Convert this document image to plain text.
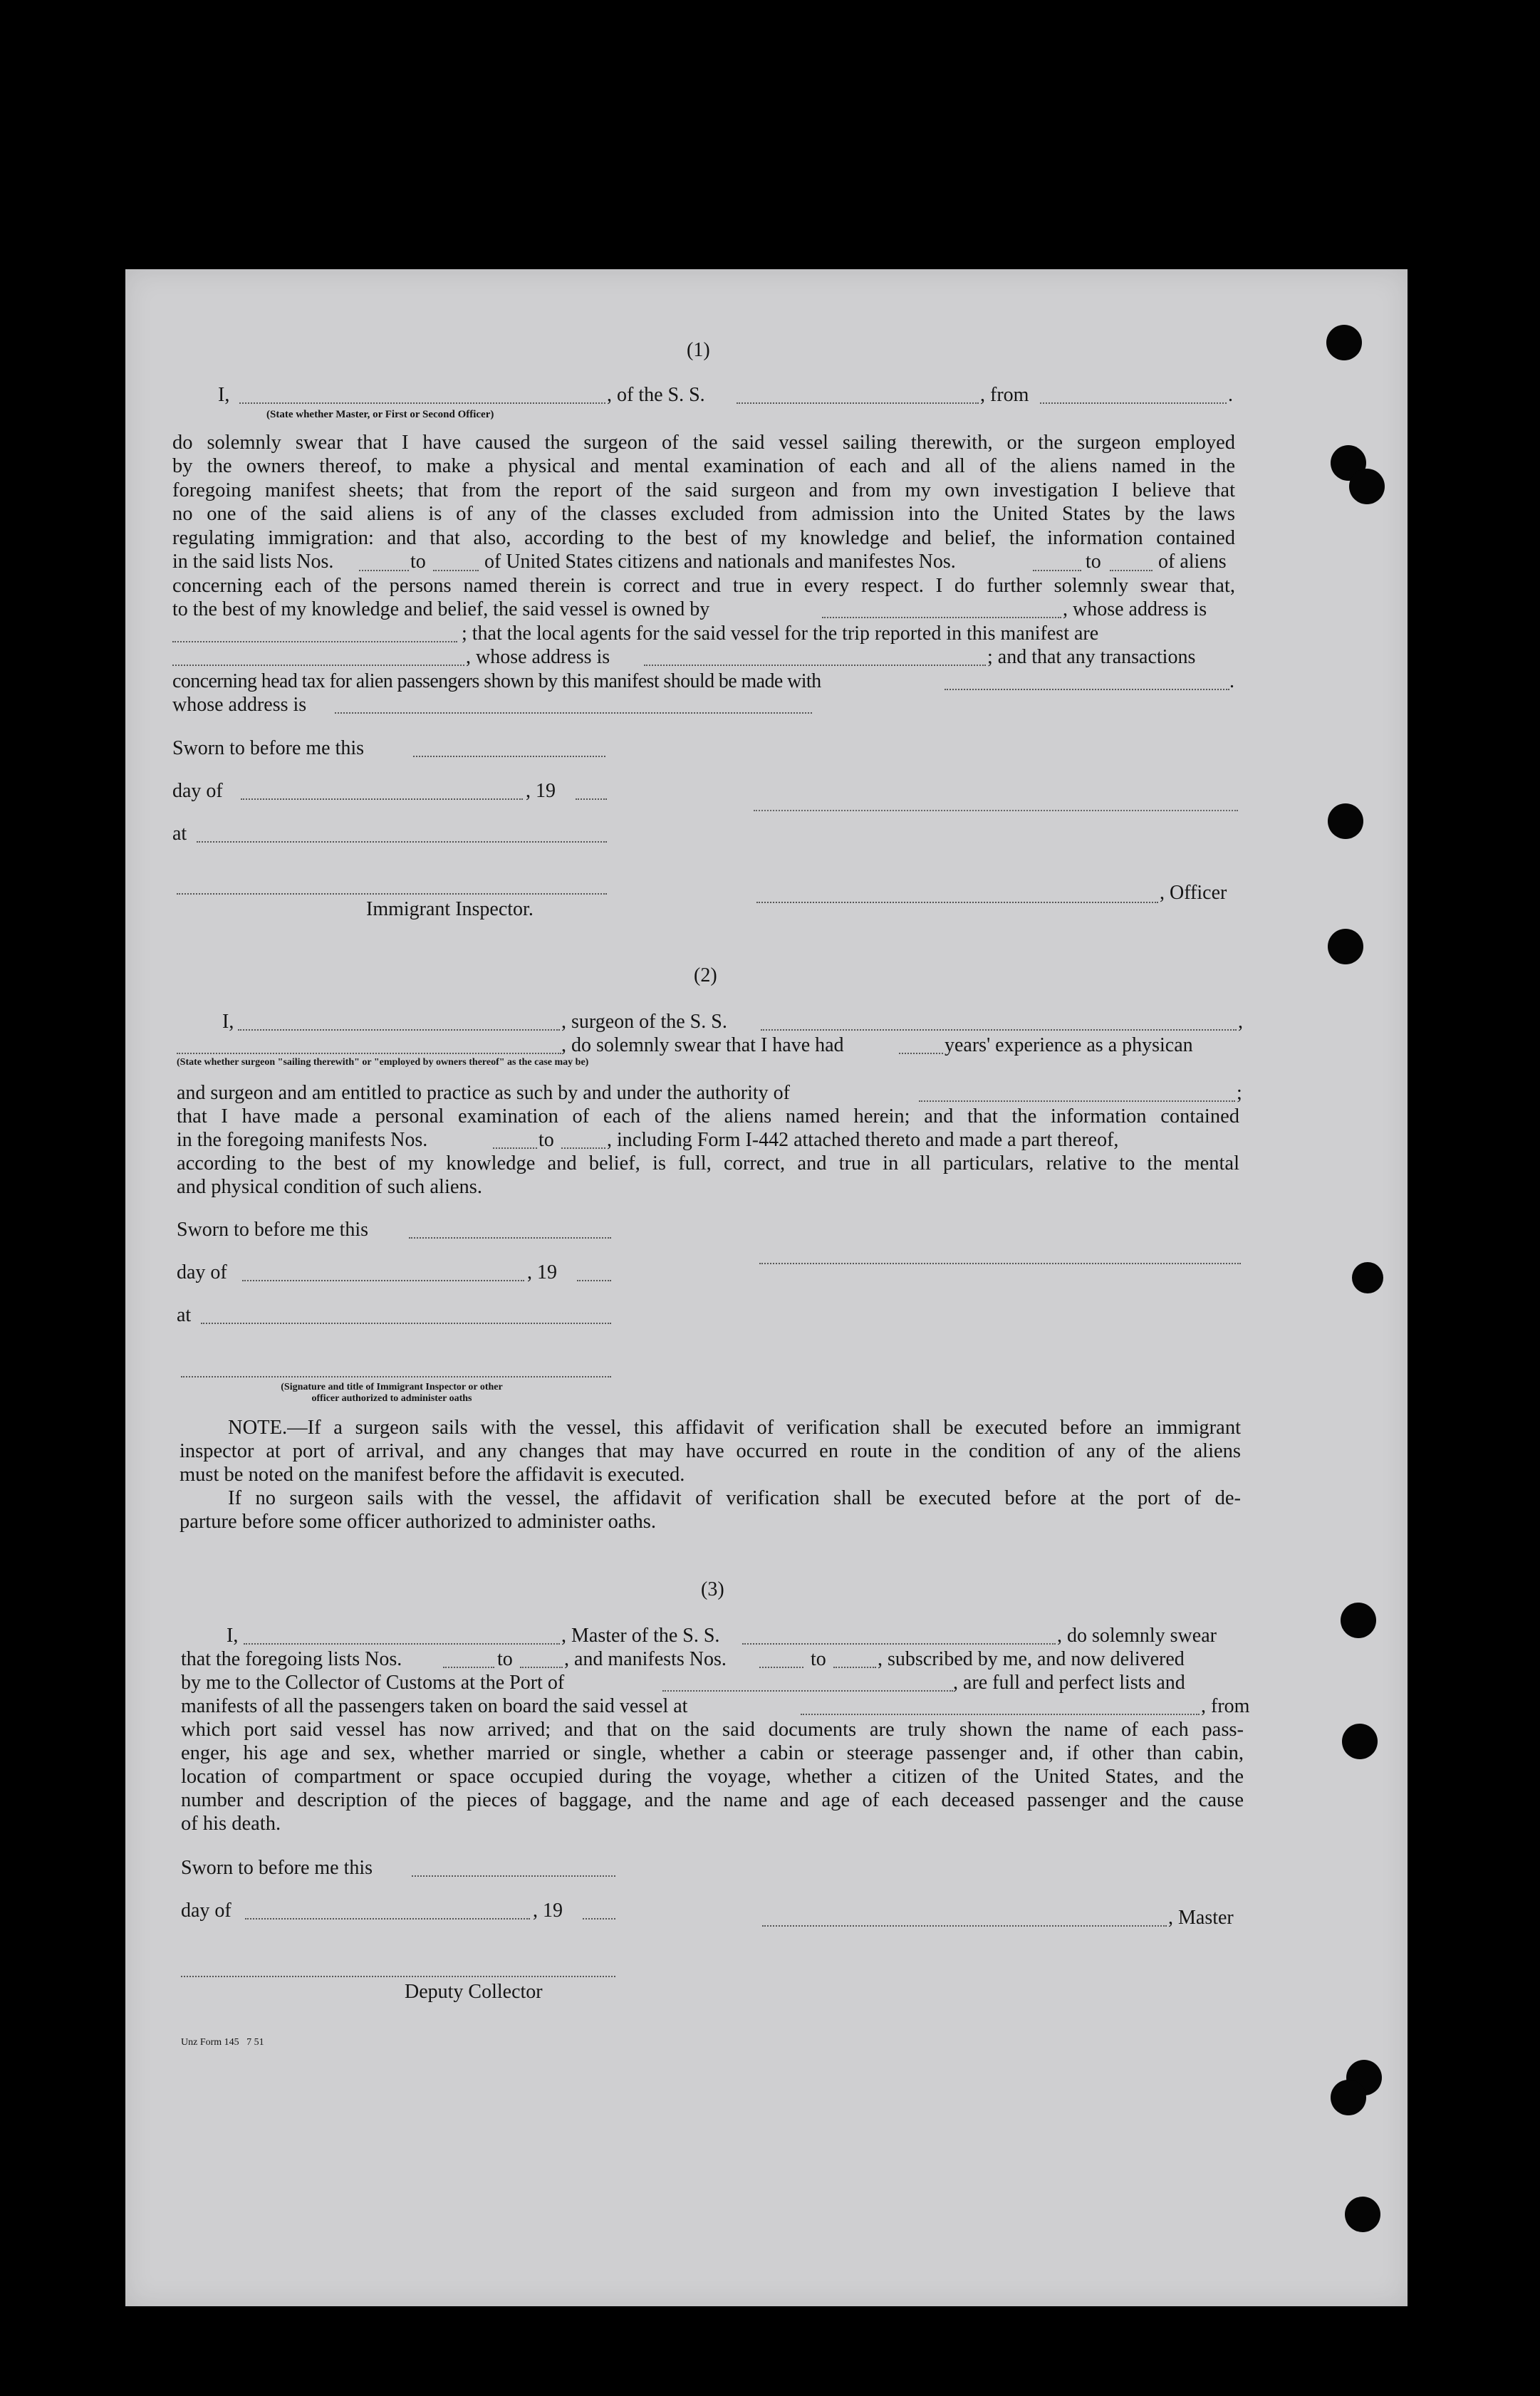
(1)
I,	, of the S. S.	, from	.
(State whether Master, or First or Second Officer)
do solemnly swear that I have caused the surgeon of the said vessel sailing therewith, or the surgeon employed
by the owners thereof, to make a physical and mental examination of each and all of the aliens named in the
foregoing manifest sheets; that from the report of the said surgeon and from my own investigation I believe that
no one of the said aliens is of any of the classes excluded from admission into the United States by the laws
regulating immigration: and that also, according to the best of my knowledge and belief, the information contained
in the said lists Nos.	to	of United States citizens and nationals and manifestes Nos.	to	of aliens
concerning each of the persons named therein is correct and true in every respect. I do further solemnly swear that,
to the best of my knowledge and belief, the said vessel is owned by	, whose address is
; that the local agents for the said vessel for the trip reported in this manifest are
, whose address is	; and that any transactions
concerning head tax for alien passengers shown by this manifest should be made with	.
whose address is
Sworn to before me this
day of	, 19
at
, Officer
Immigrant Inspector.
(2)
I,	, surgeon of the S. S.	,
, do solemnly swear that I have had	years' experience as a physican
(State whether surgeon "sailing therewith" or "employed by owners thereof" as the case may be)
and surgeon and am entitled to practice as such by and under the authority of	;
that I have made a personal examination of each of the aliens named herein; and that the information contained
in the foregoing manifests Nos.	to	, including Form I-442 attached thereto and made a part thereof,
according to the best of my knowledge and belief, is full, correct, and true in all particulars, relative to the mental
and physical condition of such aliens.
Sworn to before me this
day of	, 19
at
(Signature and title of Immigrant Inspector or other
officer authorized to administer oaths
NOTE.—If a surgeon sails with the vessel, this affidavit of verification shall be executed before an immigrant
inspector at port of arrival, and any changes that may have occurred en route in the condition of any of the aliens
must be noted on the manifest before the affidavit is executed.
If no surgeon sails with the vessel, the affidavit of verification shall be executed before at the port of de-
parture before some officer authorized to administer oaths.
(3)
I,	, Master of the S. S.	, do solemnly swear
that the foregoing lists Nos.	to	, and manifests Nos.	to	, subscribed by me, and now delivered
by me to the Collector of Customs at the Port of	, are full and perfect lists and
manifests of all the passengers taken on board the said vessel at	, from
which port said vessel has now arrived; and that on the said documents are truly shown the name of each pass-
enger, his age and sex, whether married or single, whether a cabin or steerage passenger and, if other than cabin,
location of compartment or space occupied during the voyage, whether a citizen of the United States, and the
number and description of the pieces of baggage, and the name and age of each deceased passenger and the cause
of his death.
Sworn to before me this
day of	, 19	, Master
Deputy Collector
Unz Form 145   7 51
